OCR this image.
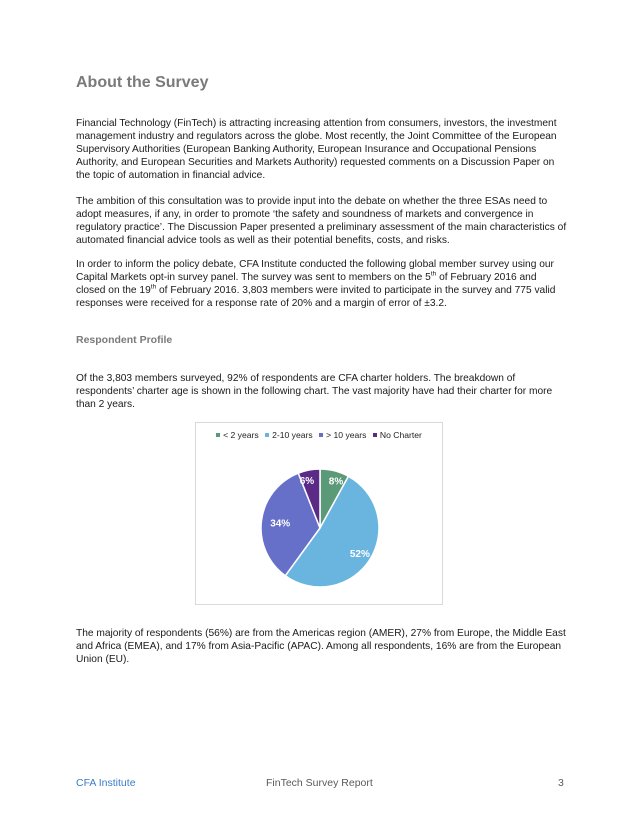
About the Survey

Financial Technology (FinTech) is attracting increasing attention from consumers, investors, the investment management industry and regulators across the globe. Most recently, the Joint Committee of the European Supervisory Authorities (European Banking Authority, European Insurance and Occupational Pensions Authority, and European Securities and Markets Authority) requested comments on a Discussion Paper on the topic of automation in financial advice.

The ambition of this consultation was to provide input into the debate on whether the three ESAs need to adopt measures, if any, in order to promote ‘the safety and soundness of markets and convergence in regulatory practice’. The Discussion Paper presented a preliminary assessment of the main characteristics of automated financial advice tools as well as their potential benefits, costs, and risks.

In order to inform the policy debate, CFA Institute conducted the following global member survey using our Capital Markets opt-in survey panel. The survey was sent to members on the 5th of February 2016 and closed on the 19th of February 2016. 3,803 members were invited to participate in the survey and 775 valid responses were received for a response rate of 20% and a margin of error of ±3.2.

Respondent Profile

Of the 3,803 members surveyed, 92% of respondents are CFA charter holders. The breakdown of respondents’ charter age is shown in the following chart. The vast majority have had their charter for more than 2 years.

< 2 years 2-10 years > 10 years No Charter
8%
52%
34%
6%

The majority of respondents (56%) are from the Americas region (AMER), 27% from Europe, the Middle East and Africa (EMEA), and 17% from Asia-Pacific (APAC). Among all respondents, 16% are from the European Union (EU).

CFA Institute	FinTech Survey Report	3
